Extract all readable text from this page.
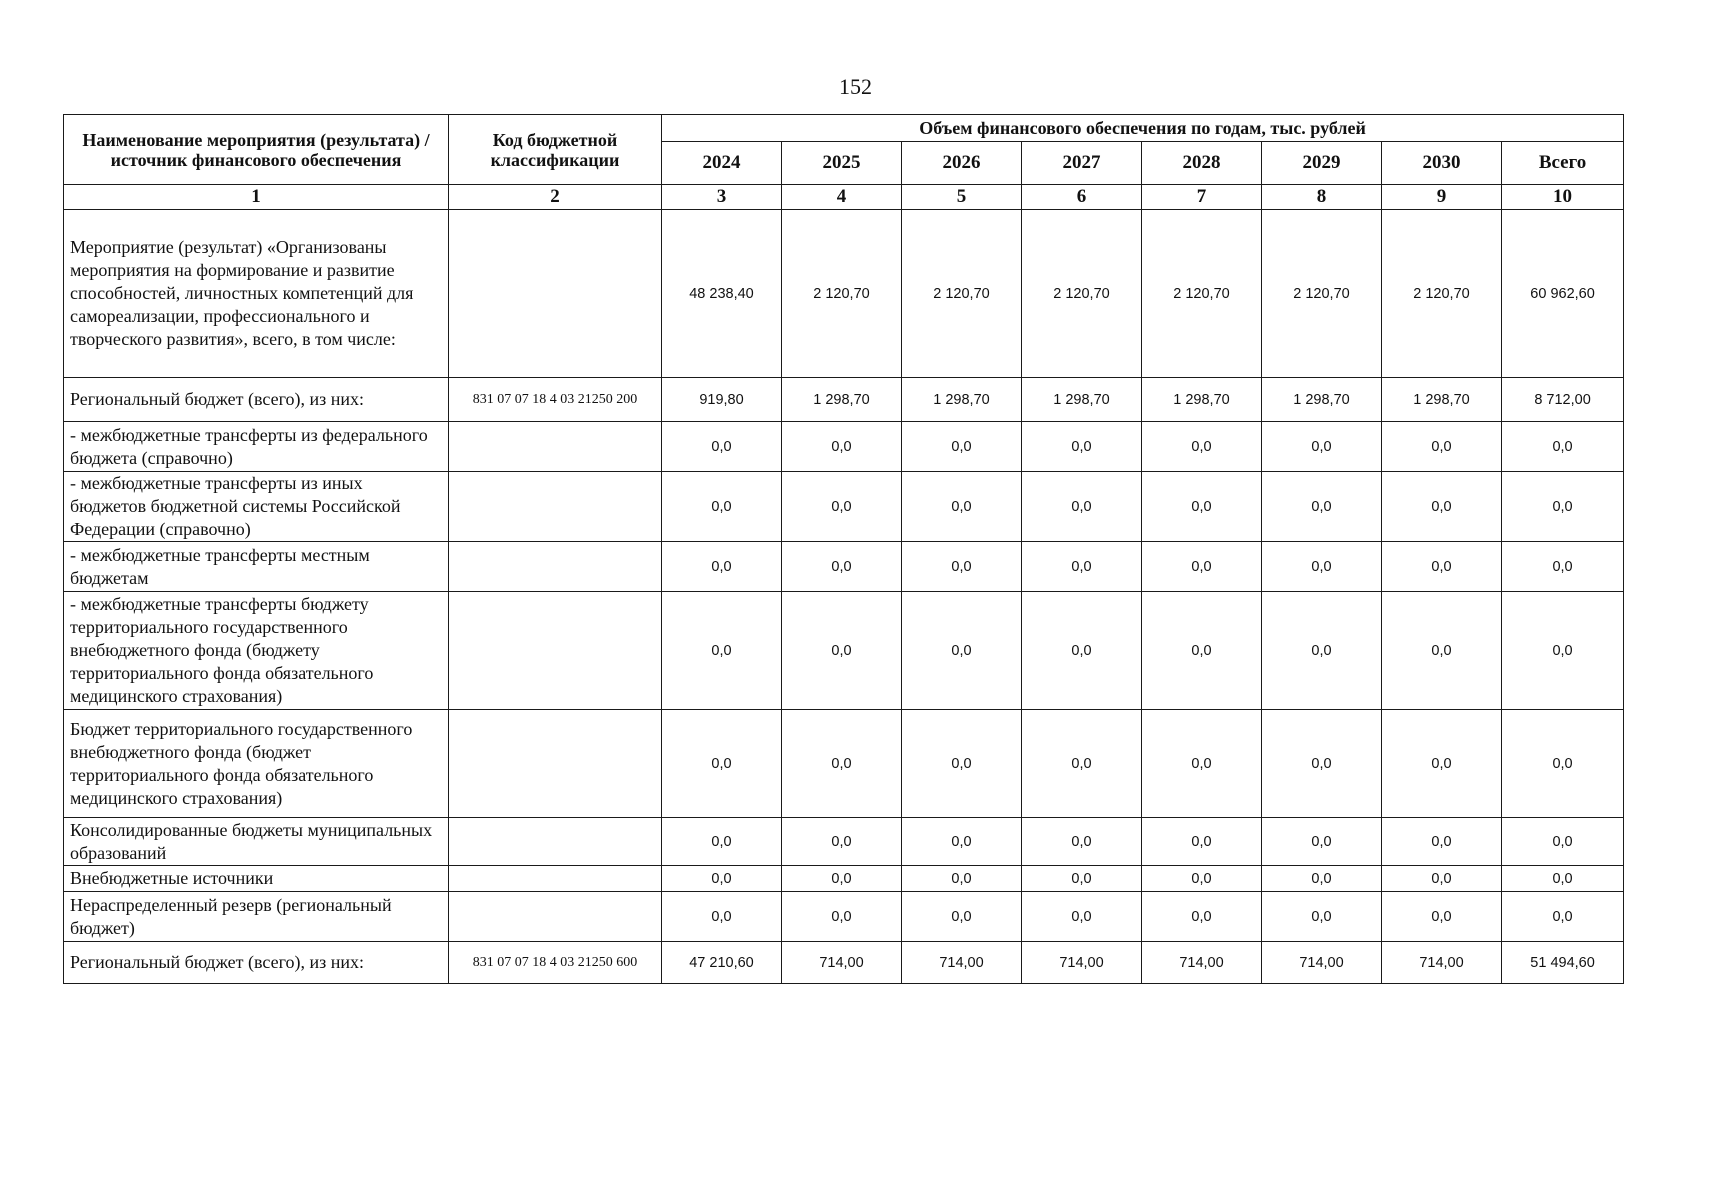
152
Наименование мероприятия (результата) /источник финансового обеспечения	Код бюджетной классификации	Объем финансового обеспечения по годам, тыс. рублей							
		2024	2025	2026	2027	2028	2029	2030	Всего
1	2	3	4	5	6	7	8	9	10
Мероприятие (результат) «Организованы мероприятия на формирование и развитие способностей, личностных компетенций для самореализации, профессионального и творческого развития», всего, в том числе:		48 238,40	2 120,70	2 120,70	2 120,70	2 120,70	2 120,70	2 120,70	60 962,60
Региональный бюджет (всего), из них:	831 07 07 18 4 03 21250 200	919,80	1 298,70	1 298,70	1 298,70	1 298,70	1 298,70	1 298,70	8 712,00
- межбюджетные трансферты из федерального бюджета (справочно)		0,0	0,0	0,0	0,0	0,0	0,0	0,0	0,0
- межбюджетные трансферты из иных бюджетов бюджетной системы Российской Федерации (справочно)		0,0	0,0	0,0	0,0	0,0	0,0	0,0	0,0
- межбюджетные трансферты местным бюджетам		0,0	0,0	0,0	0,0	0,0	0,0	0,0	0,0
- межбюджетные трансферты бюджету территориального государственного внебюджетного фонда (бюджету территориального фонда обязательного медицинского страхования)		0,0	0,0	0,0	0,0	0,0	0,0	0,0	0,0
Бюджет территориального государственного внебюджетного фонда (бюджет территориального фонда обязательного медицинского страхования)		0,0	0,0	0,0	0,0	0,0	0,0	0,0	0,0
Консолидированные бюджеты муниципальных образований		0,0	0,0	0,0	0,0	0,0	0,0	0,0	0,0
Внебюджетные источники		0,0	0,0	0,0	0,0	0,0	0,0	0,0	0,0
Нераспределенный резерв (региональный бюджет)		0,0	0,0	0,0	0,0	0,0	0,0	0,0	0,0
Региональный бюджет (всего), из них:	831 07 07 18 4 03 21250 600	47 210,60	714,00	714,00	714,00	714,00	714,00	714,00	51 494,60
